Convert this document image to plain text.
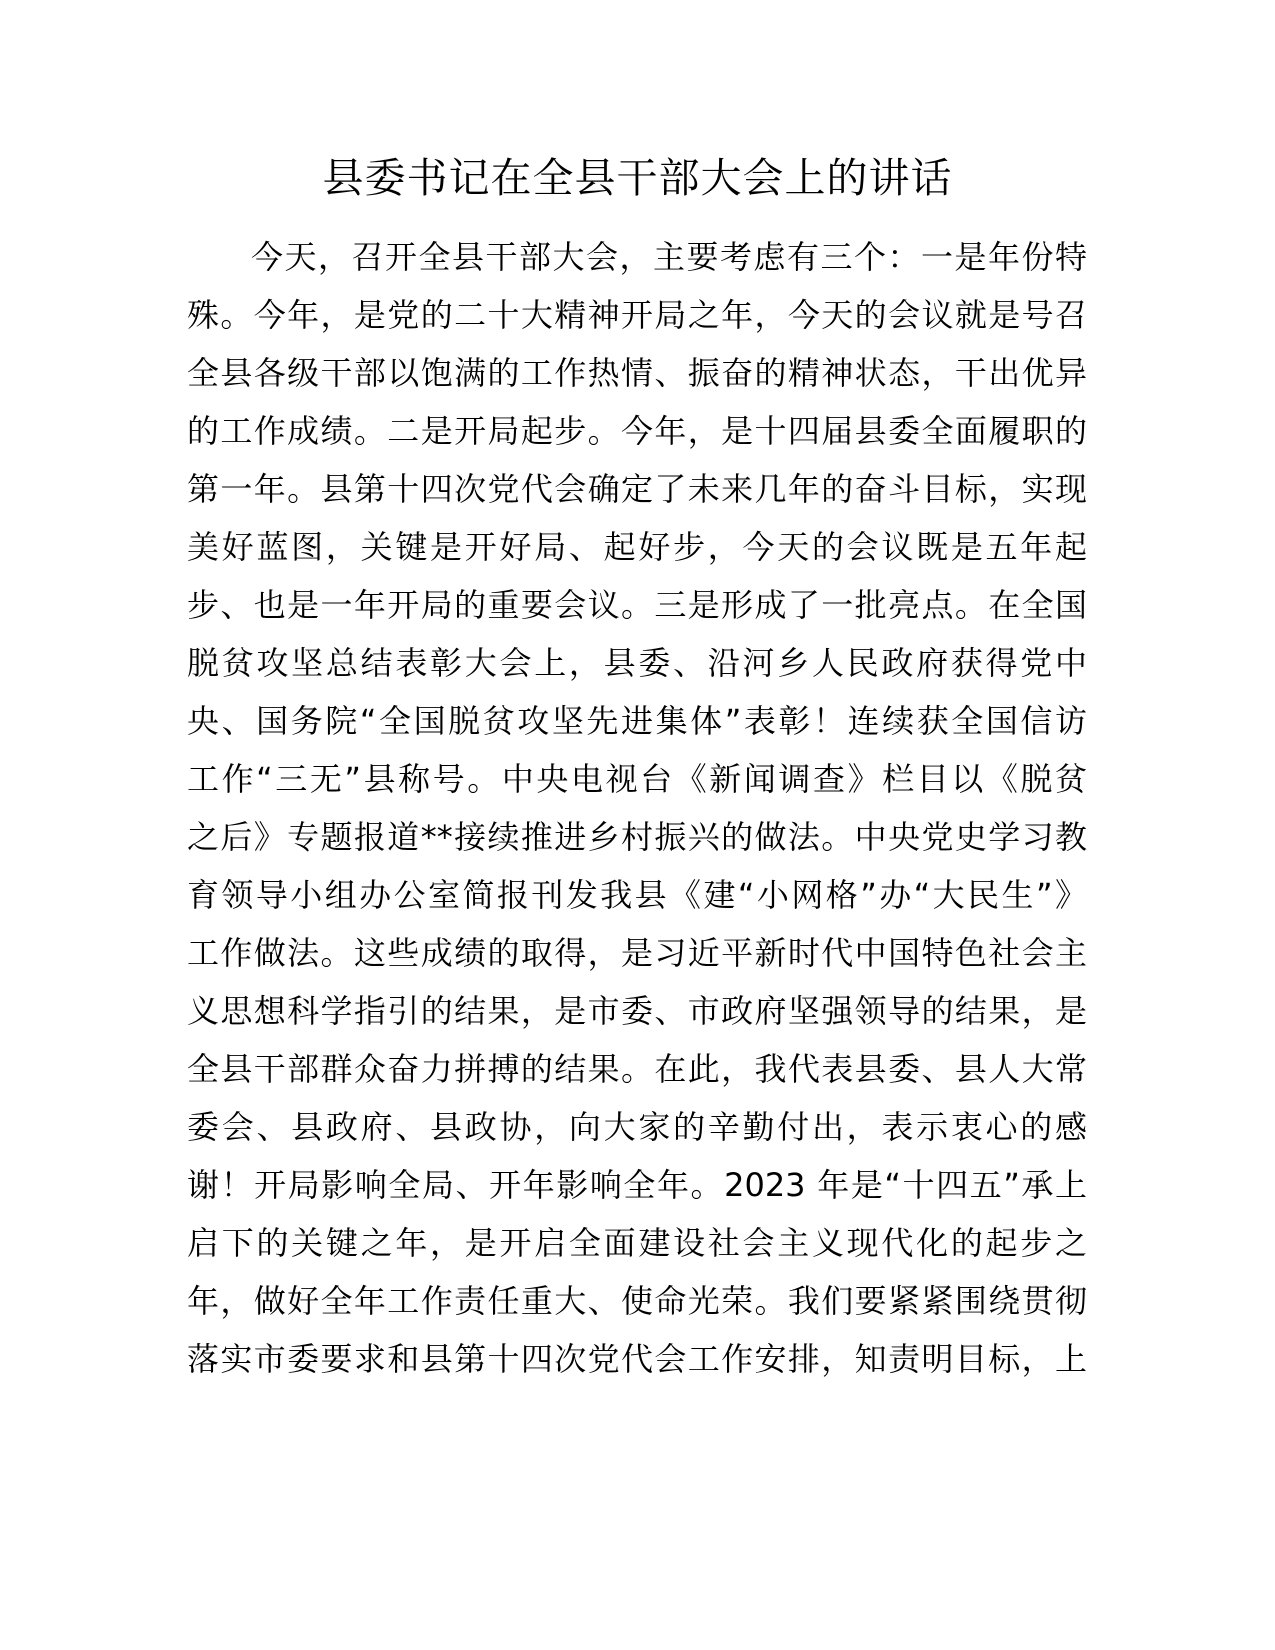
县委书记在全县干部大会上的讲话
今天，召开全县干部大会，主要考虑有三个：一是年份特
殊。今年，是党的二十大精神开局之年，今天的会议就是号召
全县各级干部以饱满的工作热情、振奋的精神状态，干出优异
的工作成绩。二是开局起步。今年，是十四届县委全面履职的
第一年。县第十四次党代会确定了未来几年的奋斗目标，实现
美好蓝图，关键是开好局、起好步，今天的会议既是五年起
步、也是一年开局的重要会议。三是形成了一批亮点。在全国
脱贫攻坚总结表彰大会上，县委、沿河乡人民政府获得党中
央、国务院“全国脱贫攻坚先进集体”表彰！连续获全国信访
工作“三无”县称号。中央电视台《新闻调查》栏目以《脱贫
之后》专题报道**接续推进乡村振兴的做法。中央党史学习教
育领导小组办公室简报刊发我县《建“小网格”办“大民生”》
工作做法。这些成绩的取得，是习近平新时代中国特色社会主
义思想科学指引的结果，是市委、市政府坚强领导的结果，是
全县干部群众奋力拼搏的结果。在此，我代表县委、县人大常
委会、县政府、县政协，向大家的辛勤付出，表示衷心的感
谢！开局影响全局、开年影响全年。2023 年是“十四五”承上
启下的关键之年，是开启全面建设社会主义现代化的起步之
年，做好全年工作责任重大、使命光荣。我们要紧紧围绕贯彻
落实市委要求和县第十四次党代会工作安排，知责明目标，上
